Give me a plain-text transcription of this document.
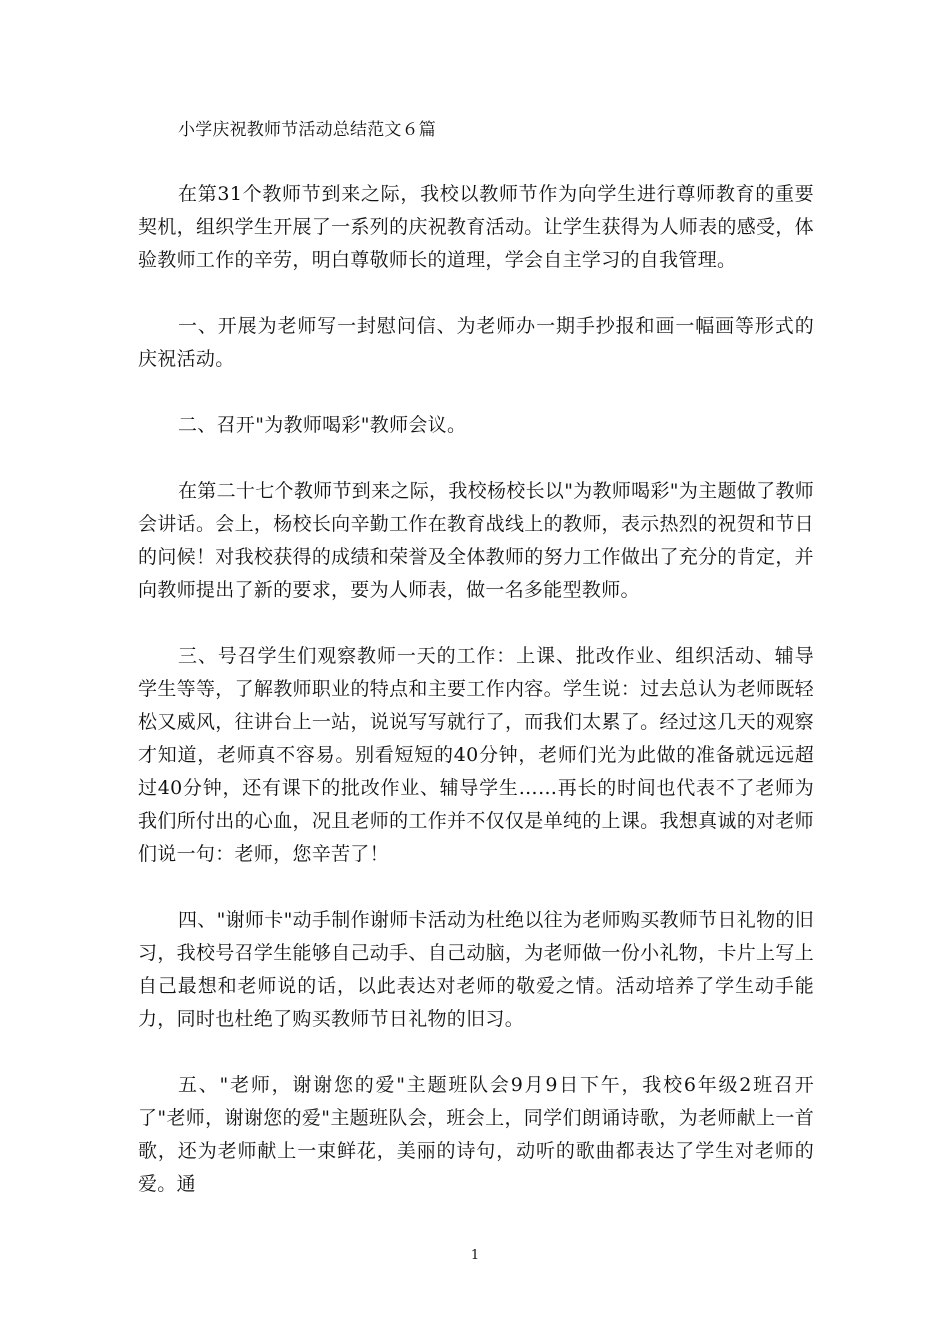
小学庆祝教师节活动总结范文６篇

在第31个教师节到来之际，我校以教师节作为向学生进行尊师教育的重要契机，组织学生开展了一系列的庆祝教育活动。让学生获得为人师表的感受，体验教师工作的辛劳，明白尊敬师长的道理，学会自主学习的自我管理。

一、开展为老师写一封慰问信、为老师办一期手抄报和画一幅画等形式的庆祝活动。

二、召开"为教师喝彩"教师会议。

在第二十七个教师节到来之际，我校杨校长以"为教师喝彩"为主题做了教师会讲话。会上，杨校长向辛勤工作在教育战线上的教师，表示热烈的祝贺和节日的问候！对我校获得的成绩和荣誉及全体教师的努力工作做出了充分的肯定，并向教师提出了新的要求，要为人师表，做一名多能型教师。

三、号召学生们观察教师一天的工作：上课、批改作业、组织活动、辅导学生等等，了解教师职业的特点和主要工作内容。学生说：过去总认为老师既轻松又威风，往讲台上一站，说说写写就行了，而我们太累了。经过这几天的观察才知道，老师真不容易。别看短短的40分钟，老师们光为此做的准备就远远超过40分钟，还有课下的批改作业、辅导学生……再长的时间也代表不了老师为我们所付出的心血，况且老师的工作并不仅仅是单纯的上课。我想真诚的对老师们说一句：老师，您辛苦了！

四、"谢师卡"动手制作谢师卡活动为杜绝以往为老师购买教师节日礼物的旧习，我校号召学生能够自己动手、自己动脑，为老师做一份小礼物，卡片上写上自己最想和老师说的话，以此表达对老师的敬爱之情。活动培养了学生动手能力，同时也杜绝了购买教师节日礼物的旧习。

五、"老师，谢谢您的爱"主题班队会9月9日下午，我校6年级2班召开了"老师，谢谢您的爱"主题班队会，班会上，同学们朗诵诗歌，为老师献上一首歌，还为老师献上一束鲜花，美丽的诗句，动听的歌曲都表达了学生对老师的爱。通

1
